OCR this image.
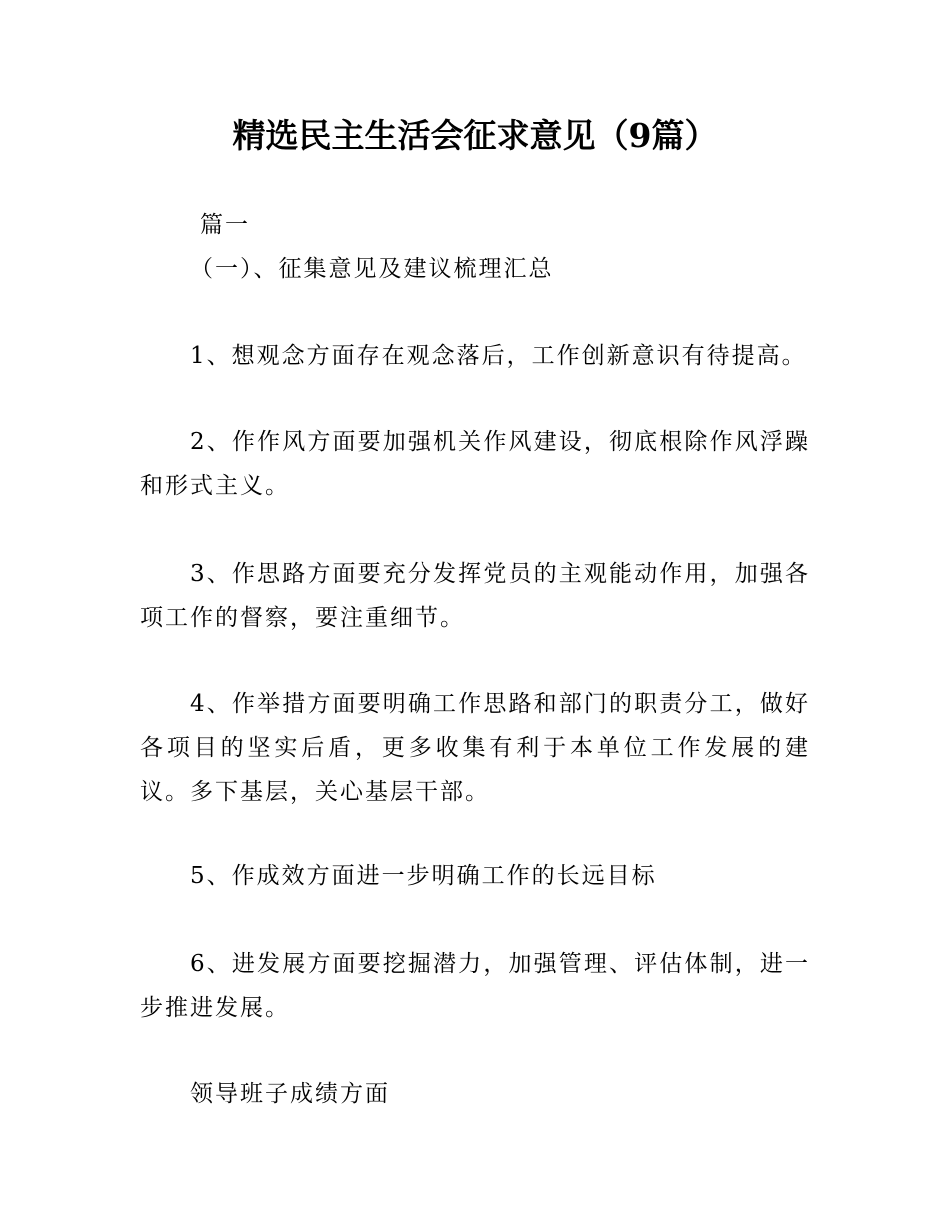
精选民主生活会征求意见（9篇）
篇一
（一）、征集意见及建议梳理汇总
1、想观念方面存在观念落后，工作创新意识有待提高。
2、作作风方面要加强机关作风建设，彻底根除作风浮躁和形式主义。
3、作思路方面要充分发挥党员的主观能动作用，加强各项工作的督察，要注重细节。
4、作举措方面要明确工作思路和部门的职责分工，做好各项目的坚实后盾，更多收集有利于本单位工作发展的建议。多下基层，关心基层干部。
5、作成效方面进一步明确工作的长远目标
6、进发展方面要挖掘潜力，加强管理、评估体制，进一步推进发展。
领导班子成绩方面
